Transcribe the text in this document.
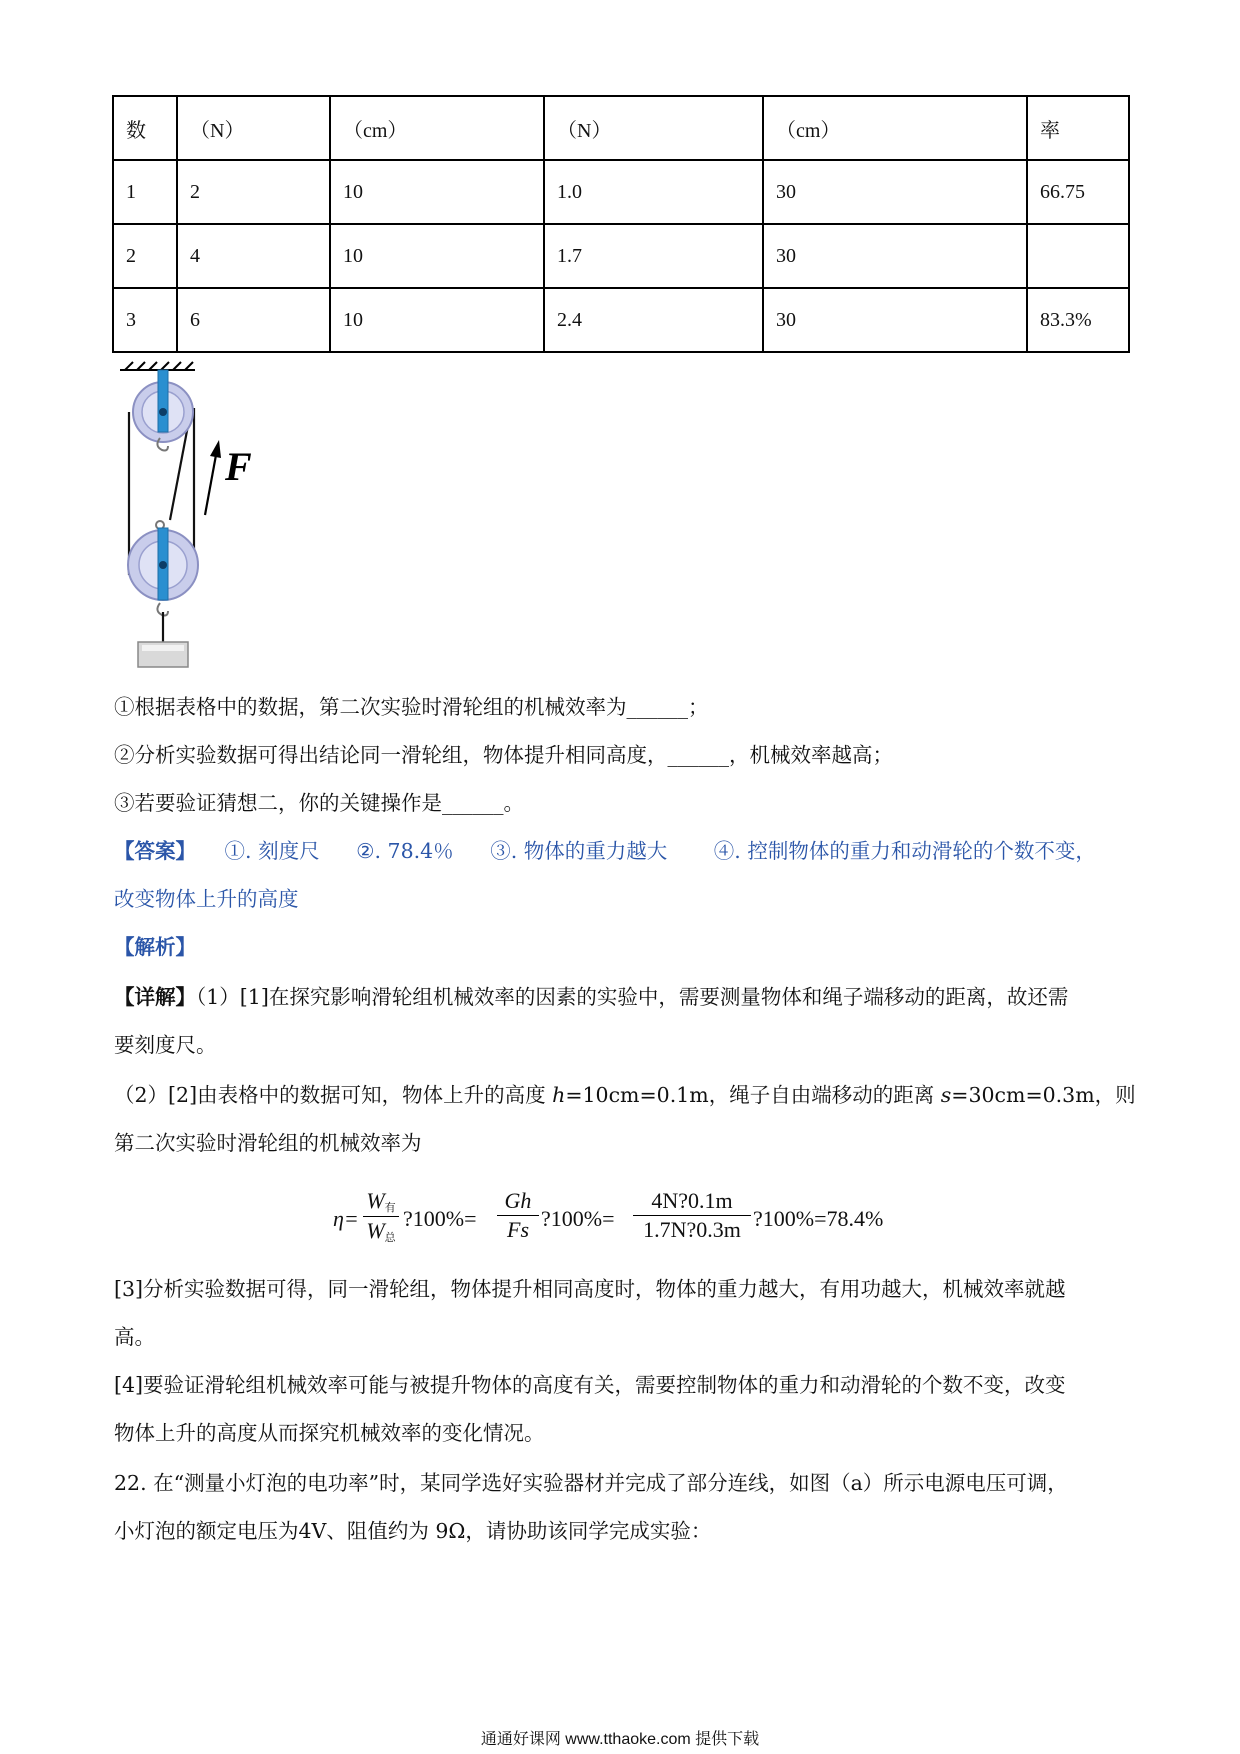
数	（N）	（cm）	（N）	（cm）	率
1	2	10	1.0	30	66.75
2	4	10	1.7	30	
3	6	10	2.4	30	83.3%
F
①根据表格中的数据，第二次实验时滑轮组的机械效率为______；
②分析实验数据可得出结论同一滑轮组，物体提升相同高度，______，机械效率越高；
③若要验证猜想二，你的关键操作是______。
【答案】 ①. 刻度尺 ②. 78.4％ ③. 物体的重力越大 ④. 控制物体的重力和动滑轮的个数不变，
改变物体上升的高度
【解析】
【详解】（1）[1]在探究影响滑轮组机械效率的因素的实验中，需要测量物体和绳子端移动的距离，故还需
要刻度尺。
（2）[2]由表格中的数据可知，物体上升的高度 h=10cm=0.1m，绳子自由端移动的距离 s=30cm=0.3m，则
第二次实验时滑轮组的机械效率为
η=
$W_有$
$W_总$
?100%=
Gh
Fs ?100%=
4N?0.1m
1.7N?0.3m ?100%=78.4%
[3]分析实验数据可得，同一滑轮组，物体提升相同高度时，物体的重力越大，有用功越大，机械效率就越
高。
[4]要验证滑轮组机械效率可能与被提升物体的高度有关，需要控制物体的重力和动滑轮的个数不变，改变
物体上升的高度从而探究机械效率的变化情况。
22. 在“测量小灯泡的电功率”时，某同学选好实验器材并完成了部分连线，如图（a）所示电源电压可调，
小灯泡的额定电压为4V、阻值约为 9Ω，请协助该同学完成实验：
通通好课网 www.tthaoke.com 提供下载
